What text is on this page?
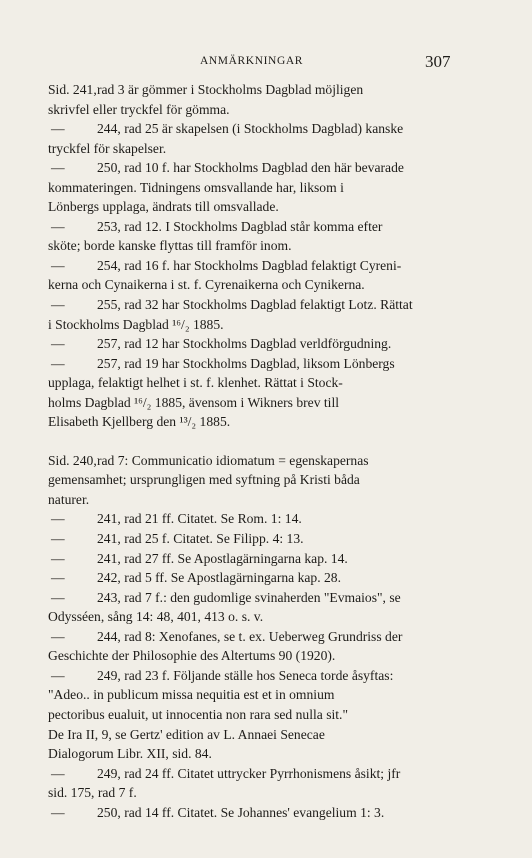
ANMÄRKNINGAR	307
Sid. 241, rad 3 är gömmer i Stockholms Dagblad möjligen
skrivfel eller tryckfel för gömma.
— 244, rad 25 är skapelsen (i Stockholms Dagblad) kanske
tryckfel för skapelser.
— 250, rad 10 f. har Stockholms Dagblad den här bevarade
kommateringen. Tidningens omsvallande har, liksom i
Lönbergs upplaga, ändrats till omsvallade.
— 253, rad 12. I Stockholms Dagblad står komma efter
sköte; borde kanske flyttas till framför inom.
— 254, rad 16 f. har Stockholms Dagblad felaktigt Cyreni-
kerna och Cynaikerna i st. f. Cyrenaikerna och Cynikerna.
— 255, rad 32 har Stockholms Dagblad felaktigt Lotz. Rättat
i Stockholms Dagblad ¹⁶/₂ 1885.
— 257, rad 12 har Stockholms Dagblad verldförgudning.
— 257, rad 19 har Stockholms Dagblad, liksom Lönbergs
upplaga, felaktigt helhet i st. f. klenhet. Rättat i Stock-
holms Dagblad ¹⁶/₂ 1885, ävensom i Wikners brev till
Elisabeth Kjellberg den ¹³/₂ 1885.
Sid. 240, rad 7: Communicatio idiomatum = egenskapernas
gemensamhet; ursprungligen med syftning på Kristi båda
naturer.
— 241, rad 21 ff. Citatet. Se Rom. 1: 14.
— 241, rad 25 f. Citatet. Se Filipp. 4: 13.
— 241, rad 27 ff. Se Apostlagärningarna kap. 14.
— 242, rad 5 ff. Se Apostlagärningarna kap. 28.
— 243, rad 7 f.: den gudomlige svinaherden "Evmaios", se
Odysséen, sång 14: 48, 401, 413 o. s. v.
— 244, rad 8: Xenofanes, se t. ex. Ueberweg Grundriss der
Geschichte der Philosophie des Altertums 90 (1920).
— 249, rad 23 f. Följande ställe hos Seneca torde åsyftas:
"Adeo.. in publicum missa nequitia est et in omnium
pectoribus eualuit, ut innocentia non rara sed nulla sit."
De Ira II, 9, se Gertz' edition av L. Annaei Senecae
Dialogorum Libr. XII, sid. 84.
— 249, rad 24 ff. Citatet uttrycker Pyrrhonismens åsikt; jfr
sid. 175, rad 7 f.
— 250, rad 14 ff. Citatet. Se Johannes' evangelium 1: 3.
